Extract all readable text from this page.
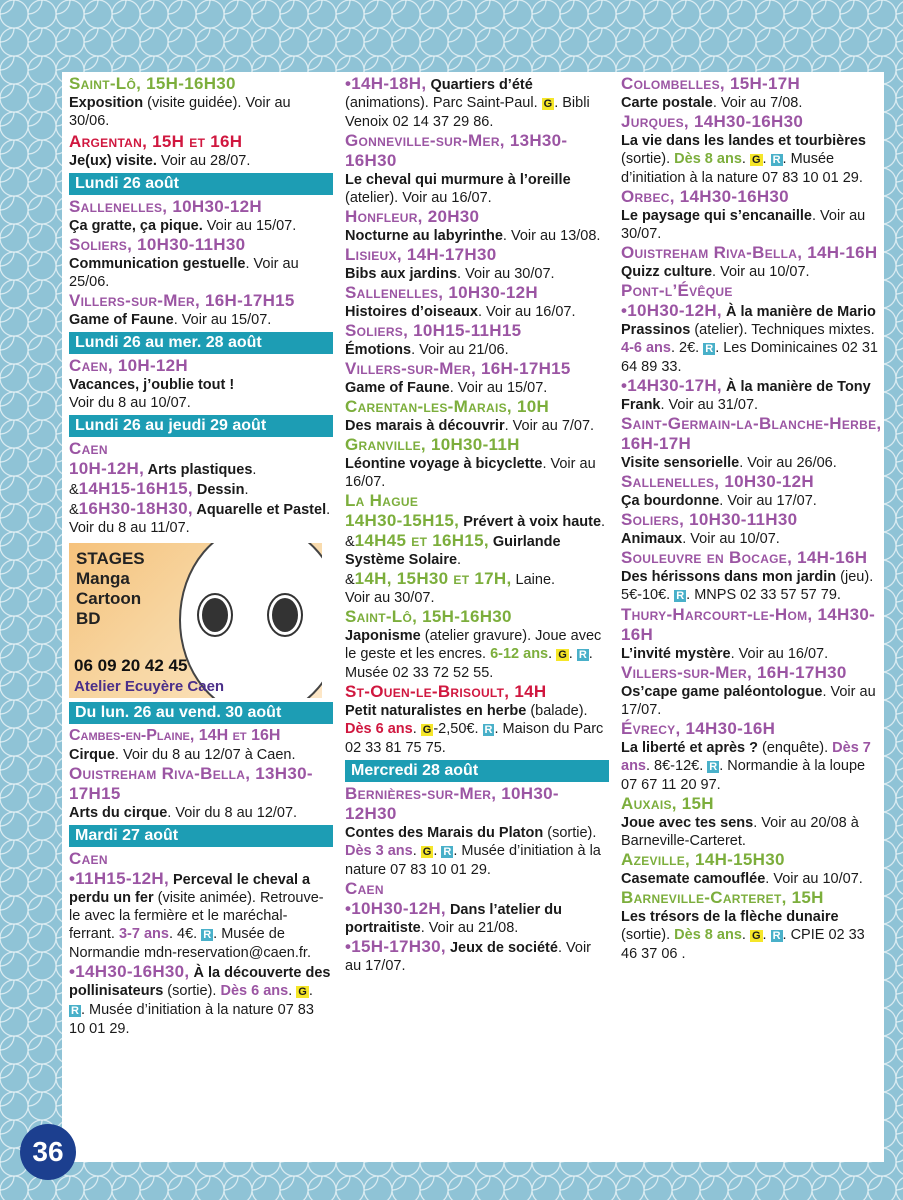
Saint-Lô, 15H-16H30

Exposition (visite guidée). Voir au 30/06.

Argentan, 15H et 16H

Je(ux) visite. Voir au 28/07.

Lundi 26 août

Sallenelles, 10H30-12H

Ça gratte, ça pique. Voir au 15/07.

Soliers, 10H30-11H30

Communication gestuelle. Voir au 25/06.

Villers-sur-Mer, 16H-17H15

Game of Faune. Voir au 15/07.

Lundi 26 au mer. 28 août

Caen, 10H-12H

Vacances, j’oublie tout !

Voir du 8 au 10/07.

Lundi 26 au jeudi 29 août

Caen

10H-12H, Arts plastiques.

&14H15-16H15, Dessin.

&16H30-18H30, Aquarelle et Pastel.

Voir du 8 au 11/07.

STAGES
Manga
Cartoon
BD
06 09 20 42 45
Atelier Ecuyère Caen
Du lun. 26 au vend. 30 août

Cambes-en-Plaine, 14H et 16H

Cirque. Voir du 8 au 12/07 à Caen.

Ouistreham Riva-Bella, 13H30-17H15

Arts du cirque. Voir du 8 au 12/07.

Mardi 27 août

Caen

•11H15-12H, Perceval le cheval a perdu un fer (visite animée). Retrouve-le avec la fermière et le maréchal-ferrant. 3-7 ans. 4€. R . Musée de Normandie mdn-reservation@caen.fr.

•14H30-16H30, À la découverte des pollinisateurs (sortie). Dès 6 ans. G . R . Musée d’initiation à la nature 07 83 10 01 29.

•14H-18H, Quartiers d’été (animations). Parc Saint-Paul. G . Bibli Venoix 02 14 37 29 86.

Gonneville-sur-Mer, 13H30-16H30

Le cheval qui murmure à l’oreille (atelier). Voir au 16/07.

Honfleur, 20H30

Nocturne au labyrinthe. Voir au 13/08.

Lisieux, 14H-17H30

Bibs aux jardins. Voir au 30/07.

Sallenelles, 10H30-12H

Histoires d’oiseaux. Voir au 16/07.

Soliers, 10H15-11H15

Émotions. Voir au 21/06.

Villers-sur-Mer, 16H-17H15

Game of Faune. Voir au 15/07.

Carentan-les-Marais, 10H

Des marais à découvrir. Voir au 7/07.

Granville, 10H30-11H

Léontine voyage à bicyclette. Voir au 16/07.

La Hague

14H30-15H15, Prévert à voix haute.

&14H45 et 16H15, Guirlande Système Solaire.

&14H, 15H30 et 17H, Laine.

Voir au 30/07.

Saint-Lô, 15H-16H30

Japonisme (atelier gravure). Joue avec le geste et les encres. 6-12 ans. G . R . Musée 02 33 72 52 55.

St-Ouen-le-Brisoult, 14H

Petit naturalistes en herbe (balade). Dès 6 ans. G -2,50€. R . Maison du Parc 02 33 81 75 75.

Mercredi 28 août

Bernières-sur-Mer, 10H30-12H30

Contes des Marais du Platon (sortie). Dès 3 ans. G . R . Musée d’initiation à la nature 07 83 10 01 29.

Caen

•10H30-12H, Dans l’atelier du portraitiste. Voir au 21/08.

•15H-17H30, Jeux de société. Voir au 17/07.

Colombelles, 15H-17H

Carte postale. Voir au 7/08.

Jurques, 14H30-16H30

La vie dans les landes et tourbières (sortie). Dès 8 ans. G . R . Musée d’initiation à la nature 07 83 10 01 29.

Orbec, 14H30-16H30

Le paysage qui s’encanaille. Voir au 30/07.

Ouistreham Riva-Bella, 14H-16H

Quizz culture. Voir au 10/07.

Pont-l’Évêque

•10H30-12H, À la manière de Mario Prassinos (atelier). Techniques mixtes. 4-6 ans. 2€. R . Les Dominicaines 02 31 64 89 33.

•14H30-17H, À la manière de Tony Frank. Voir au 31/07.

Saint-Germain-la-Blanche-Herbe, 16H-17H

Visite sensorielle. Voir au 26/06.

Sallenelles, 10H30-12H

Ça bourdonne. Voir au 17/07.

Soliers, 10H30-11H30

Animaux. Voir au 10/07.

Souleuvre en Bocage, 14H-16H

Des hérissons dans mon jardin (jeu). 5€-10€. R . MNPS 02 33 57 57 79.

Thury-Harcourt-le-Hom, 14H30-16H

L’invité mystère. Voir au 16/07.

Villers-sur-Mer, 16H-17H30

Os’cape game paléontologue. Voir au 17/07.

Évrecy, 14H30-16H

La liberté et après ? (enquête). Dès 7 ans. 8€-12€. R . Normandie à la loupe 07 67 11 20 97.

Auxais, 15H

Joue avec tes sens. Voir au 20/08 à Barneville-Carteret.

Azeville, 14H-15H30

Casemate camouflée. Voir au 10/07.

Barneville-Carteret, 15H

Les trésors de la flèche dunaire (sortie). Dès 8 ans. G . R . CPIE 02 33 46 37 06 .

36
